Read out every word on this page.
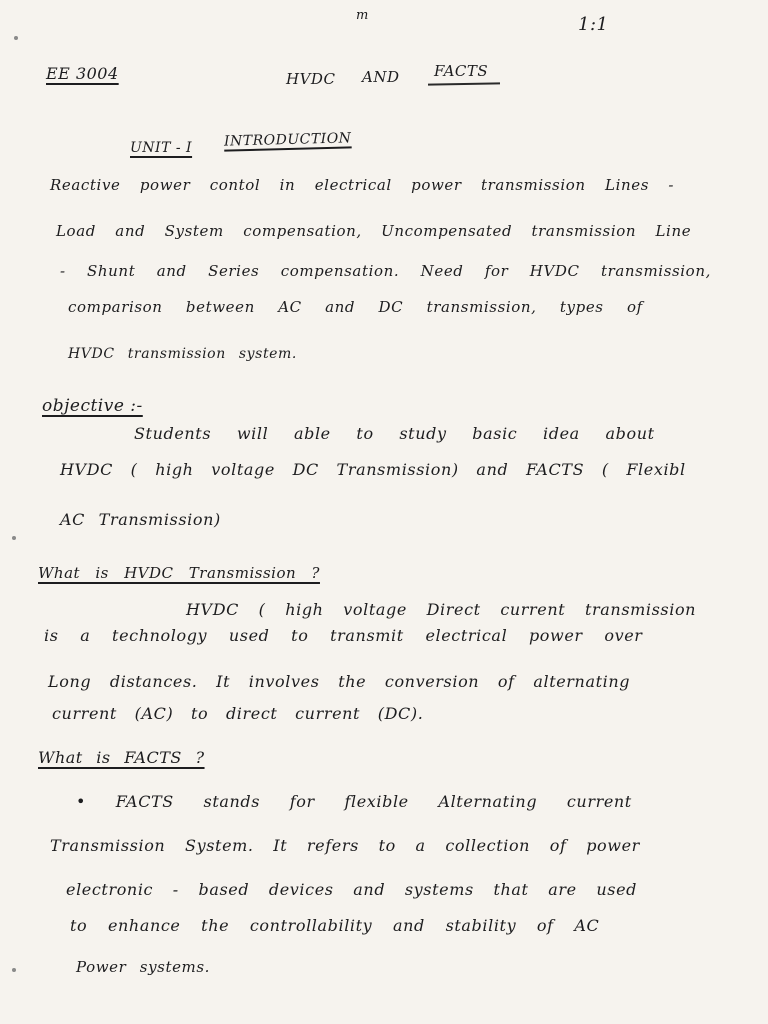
m	1:1
EE 3004	HVDC AND FACTS
UNIT - I INTRODUCTION
Reactive power contol in electrical power transmission Lines -
Load and System compensation, Uncompensated transmission Line
- Shunt and Series compensation. Need for HVDC transmission,
comparison between AC and DC transmission, types of
HVDC transmission system.
objective :-
Students will able to study basic idea about
HVDC ( high voltage DC Transmission) and FACTS ( Flexibl
AC Transmission)
What is HVDC Transmission ?
HVDC ( high voltage Direct current transmission
is a technology used to transmit electrical power over
Long distances. It involves the conversion of alternating
current (AC) to direct current (DC).
What is FACTS ?
• FACTS stands for flexible Alternating current
Transmission System. It refers to a collection of power
electronic - based devices and systems that are used
to enhance the controllability and stability of AC
Power systems.
